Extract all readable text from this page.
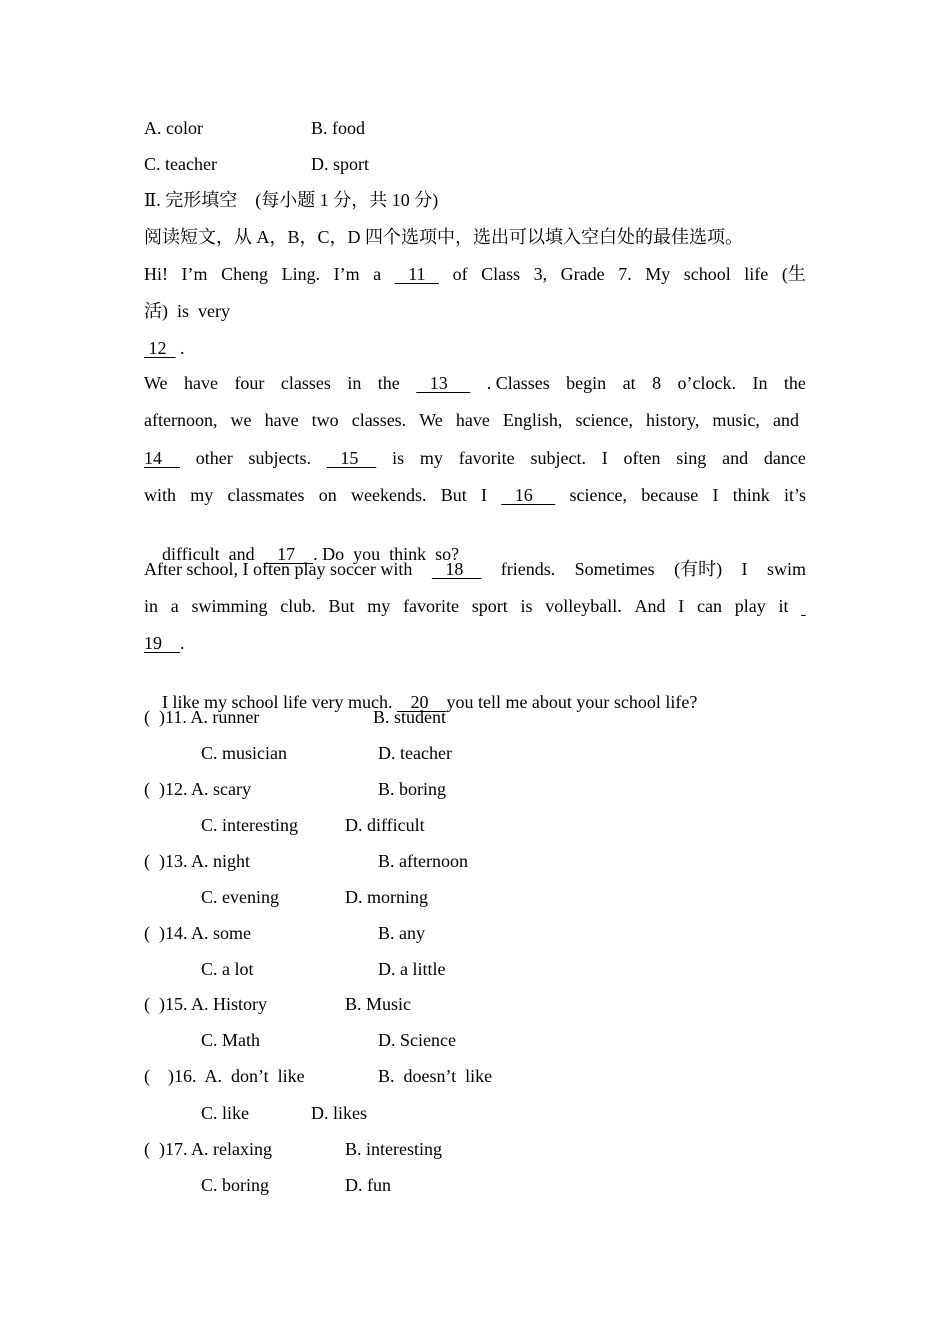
A. color	B. food
C. teacher	D. sport
Ⅱ. 完形填空　(每小题 1 分，共 10 分)
阅读短文，从 A，B，C，D 四个选项中，选出可以填入空白处的最佳选项。
Hi! I’m Cheng Ling. I’m a 11 of Class 3, Grade 7. My school life (生
活)  is  very
12   .
We have four classes in the 13 . Classes begin at 8 o’clock. In the
afternoon, we have two classes. We have English, science, history, music, and
14 other subjects. 15 is my favorite subject. I often sing and dance
with my classmates on weekends. But I 16 science, because I think it’s

difficult and     17    . Do  you  think  so?

After school, I often play soccer with 18 friends. Sometimes (有时) I swim
in a swimming club. But my favorite sport is volleyball. And I can play it

19    .

I like my school life very much.    20    you tell me about your school life?

(  )11. A. runner	B. student
C. musician	D. teacher
(  )12. A. scary	B. boring
C. interesting	D. difficult
(  )13. A. night	B. afternoon
C. evening	D. morning
(  )14. A. some	B. any
C. a lot	D. a little
(  )15. A. History	B. Music
C. Math	D. Science
(    )16.  A.  don’t  like	B.  doesn’t  like
C. like	D. likes
(  )17. A. relaxing	B. interesting
C. boring	D. fun
